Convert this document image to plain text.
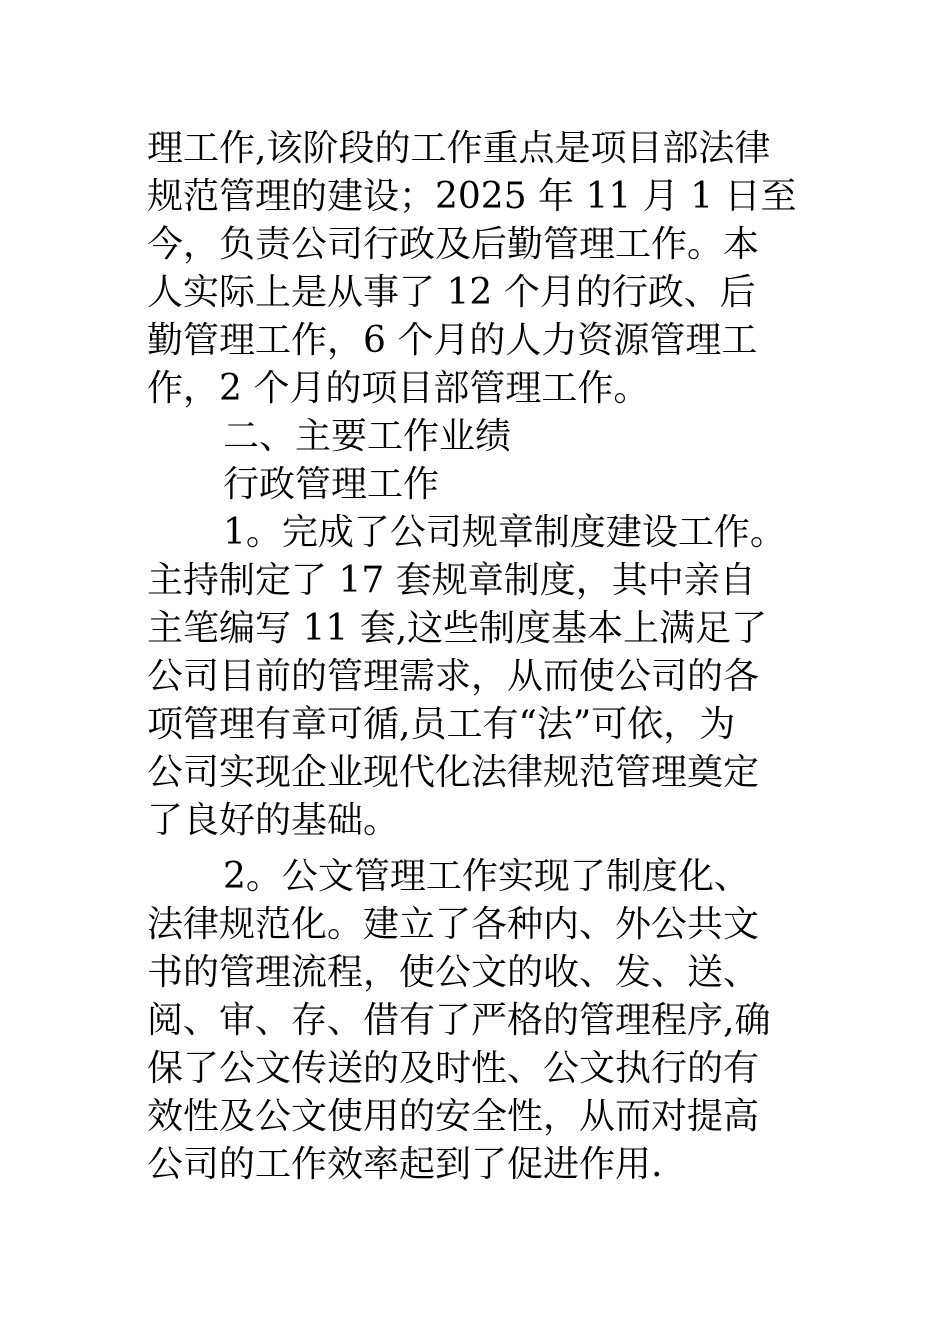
理工作,该阶段的工作重点是项目部法律
规范管理的建设；2025 年 11 月 1 日至
今，负责公司行政及后勤管理工作。本
人实际上是从事了 12 个月的行政、后
勤管理工作，6 个月的人力资源管理工
作，2 个月的项目部管理工作。
二、主要工作业绩
行政管理工作
1。完成了公司规章制度建设工作。
主持制定了 17 套规章制度，其中亲自
主笔编写 11 套,这些制度基本上满足了
公司目前的管理需求，从而使公司的各
项管理有章可循,员工有“法”可依，为
公司实现企业现代化法律规范管理奠定
了良好的基础。
2。公文管理工作实现了制度化、
法律规范化。建立了各种内、外公共文
书的管理流程，使公文的收、发、送、
阅、审、存、借有了严格的管理程序,确
保了公文传送的及时性、公文执行的有
效性及公文使用的安全性，从而对提高
公司的工作效率起到了促进作用.
